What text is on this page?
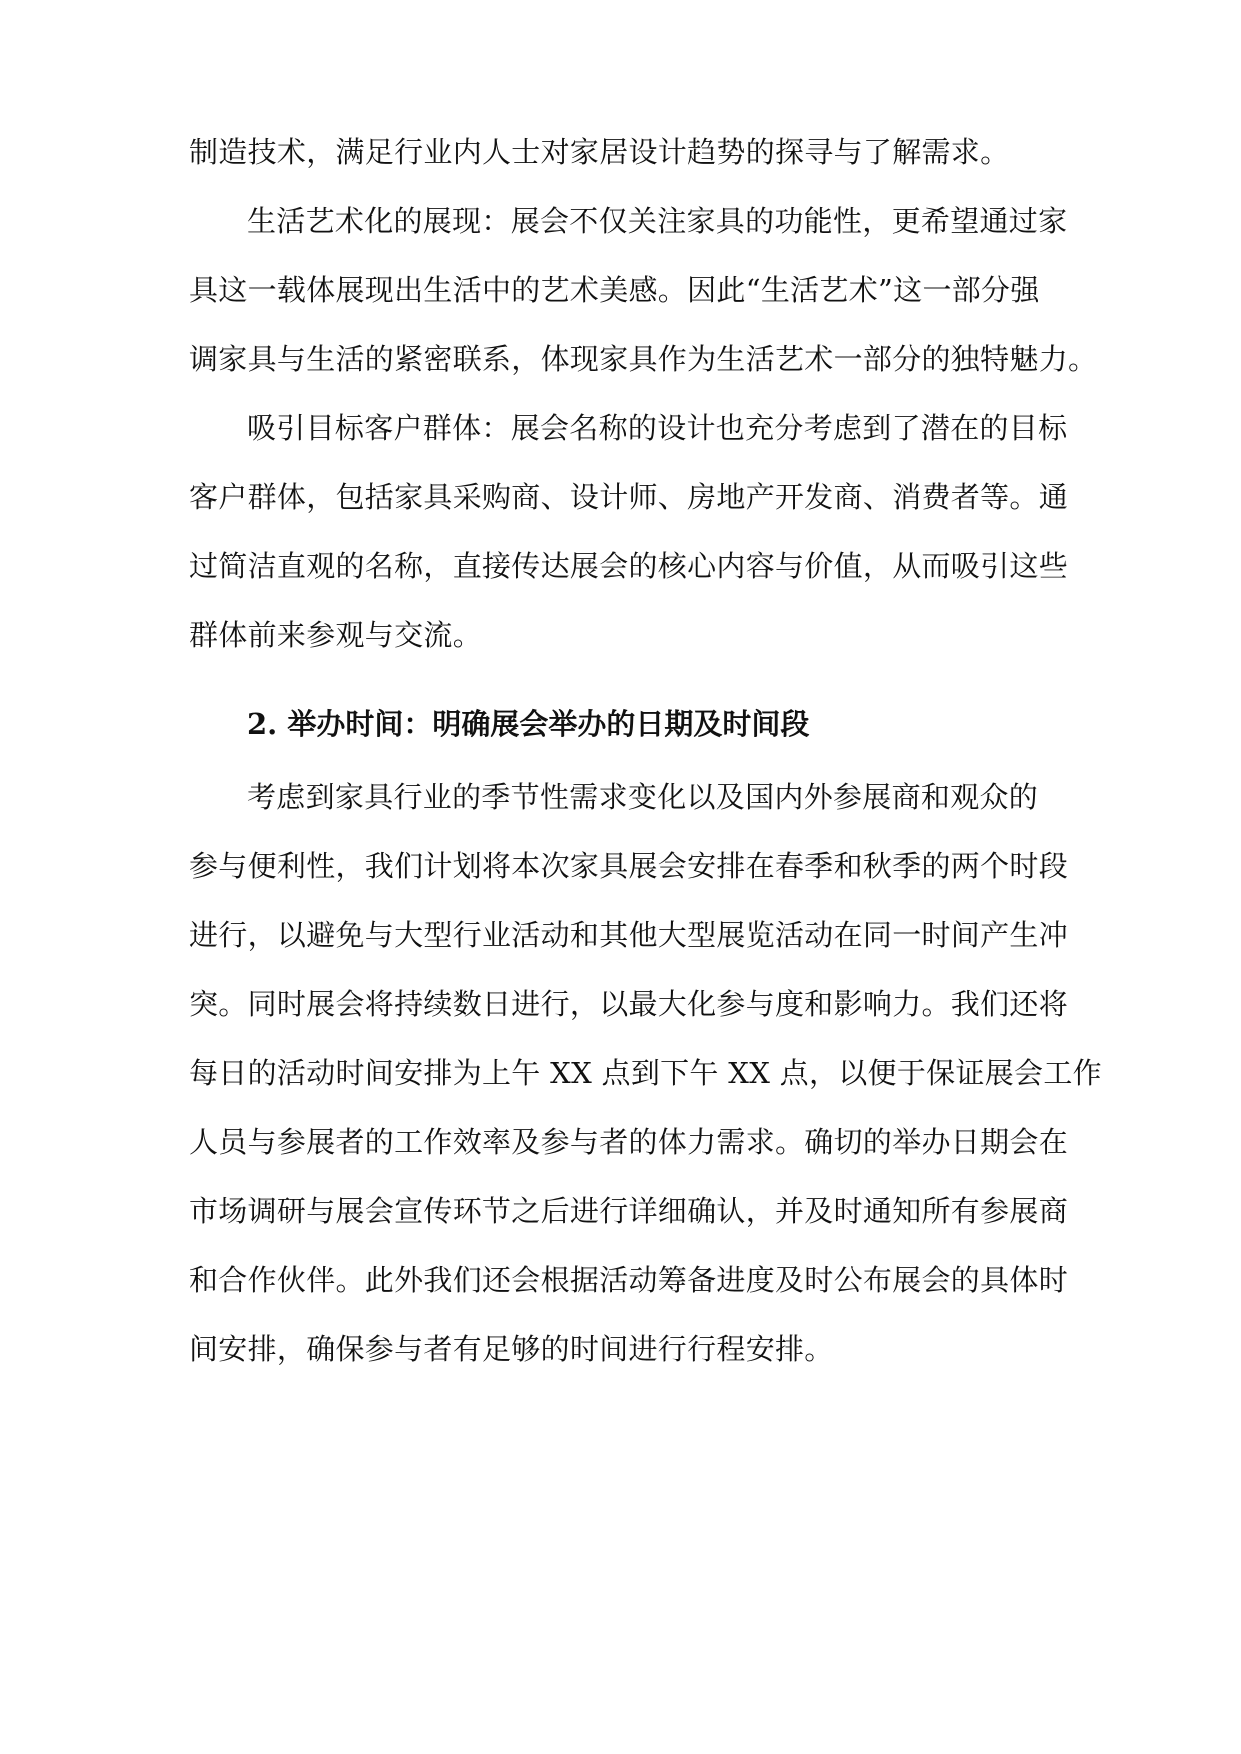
制造技术，满足行业内人士对家居设计趋势的探寻与了解需求。
生活艺术化的展现：展会不仅关注家具的功能性，更希望通过家
具这一载体展现出生活中的艺术美感。因此“生活艺术”这一部分强
调家具与生活的紧密联系，体现家具作为生活艺术一部分的独特魅力。
吸引目标客户群体：展会名称的设计也充分考虑到了潜在的目标
客户群体，包括家具采购商、设计师、房地产开发商、消费者等。通
过简洁直观的名称，直接传达展会的核心内容与价值，从而吸引这些
群体前来参观与交流。
2. 举办时间：明确展会举办的日期及时间段
考虑到家具行业的季节性需求变化以及国内外参展商和观众的
参与便利性，我们计划将本次家具展会安排在春季和秋季的两个时段
进行，以避免与大型行业活动和其他大型展览活动在同一时间产生冲
突。同时展会将持续数日进行，以最大化参与度和影响力。我们还将
每日的活动时间安排为上午 XX 点到下午 XX 点，以便于保证展会工作
人员与参展者的工作效率及参与者的体力需求。确切的举办日期会在
市场调研与展会宣传环节之后进行详细确认，并及时通知所有参展商
和合作伙伴。此外我们还会根据活动筹备进度及时公布展会的具体时
间安排，确保参与者有足够的时间进行行程安排。
